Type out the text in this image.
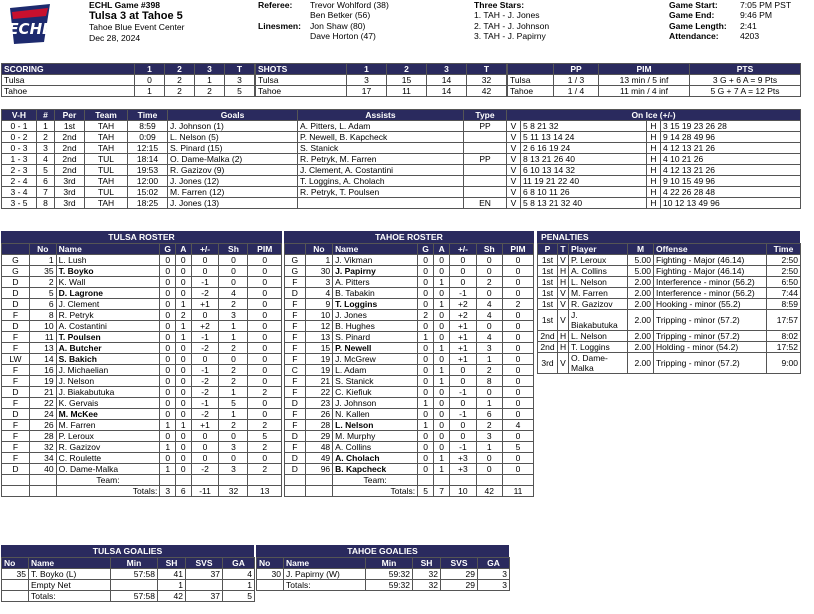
ECHL
ECHL Game #398
Tulsa 3 at Tahoe 5
Tahoe Blue Event Center
Dec 28, 2024
Referee:	Trevor Wohlford (38)
Ben Betker (56)
Linesmen:	Jon Shaw (80)
Dave Horton (47)
Three Stars:
1. TAH - J. Jones
2. TAH - J. Johnson
3. TAH - J. Papirny
Game Start:	7:05 PM PST
Game End:	9:46 PM
Game Length:	2:41
Attendance:	4203
SCORING	1	2	3	T
Tulsa	0	2	1	3
Tahoe	1	2	2	5
SHOTS	1	2	3	T
Tulsa	3	15	14	32
Tahoe	17	11	14	42
	PP	PIM	PTS
Tulsa	1 / 3	13 min / 5 inf	3 G + 6 A = 9 Pts
Tahoe	1 / 4	11 min / 4 inf	5 G + 7 A = 12 Pts
V-H	#	Per	Team	Time	Goals	Assists	Type	On Ice (+/-)			
0 - 1	1	1st	TAH	8:59	J. Johnson (1)	A. Pitters, L. Adam	PP	V	5 8 21 32	H	3 15 19 23 26 28
0 - 2	2	2nd	TAH	0:09	L. Nelson (5)	P. Newell, B. Kapcheck		V	5 11 13 14 24	H	9 14 28 49 96
0 - 3	3	2nd	TAH	12:15	S. Pinard (15)	S. Stanick		V	2 6 16 19 24	H	4 12 13 21 26
1 - 3	4	2nd	TUL	18:14	O. Dame-Malka (2)	R. Petryk, M. Farren	PP	V	8 13 21 26 40	H	4 10 21 26
2 - 3	5	2nd	TUL	19:53	R. Gazizov (9)	J. Clement, A. Costantini		V	6 10 13 14 32	H	4 12 13 21 26
2 - 4	6	3rd	TAH	12:00	J. Jones (12)	T. Loggins, A. Cholach		V	11 19 21 22 40	H	9 10 15 49 96
3 - 4	7	3rd	TUL	15:02	M. Farren (12)	R. Petryk, T. Poulsen		V	6 8 10 11 26	H	4 22 26 28 48
3 - 5	8	3rd	TAH	18:25	J. Jones (13)		EN	V	5 8 13 21 32 40	H	10 12 13 49 96
TULSA ROSTER
	No	Name	G	A	+/-	Sh	PIM
G	1	L. Lush	0	0	0	0	0
G	35	T. Boyko	0	0	0	0	0
D	2	K. Wall	0	0	-1	0	0
D	5	D. Lagrone	0	0	-2	4	0
D	6	J. Clement	0	1	+1	2	0
F	8	R. Petryk	0	2	0	3	0
D	10	A. Costantini	0	1	+2	1	0
F	11	T. Poulsen	0	1	-1	1	0
F	13	A. Butcher	0	0	-2	2	0
LW	14	S. Bakich	0	0	0	0	0
F	16	J. Michaelian	0	0	-1	2	0
F	19	J. Nelson	0	0	-2	2	0
D	21	J. Biakabutuka	0	0	-2	1	2
F	22	K. Gervais	0	0	-1	5	0
D	24	M. McKee	0	0	-2	1	0
F	26	M. Farren	1	1	+1	2	2
F	28	P. Leroux	0	0	0	0	5
F	32	R. Gazizov	1	0	0	3	2
F	34	C. Roulette	0	0	0	0	0
D	40	O. Dame-Malka	1	0	-2	3	2
		Team:					
		Totals:	3	6	-11	32	13
TAHOE ROSTER
	No	Name	G	A	+/-	Sh	PIM
G	1	J. Vikman	0	0	0	0	0
G	30	J. Papirny	0	0	0	0	0
F	3	A. Pitters	0	1	0	2	0
D	4	B. Tabakin	0	0	-1	0	0
F	9	T. Loggins	0	1	+2	4	2
F	10	J. Jones	2	0	+2	4	0
F	12	B. Hughes	0	0	+1	0	0
F	13	S. Pinard	1	0	+1	4	0
F	15	P. Newell	0	1	+1	3	0
F	19	J. McGrew	0	0	+1	1	0
C	19	L. Adam	0	1	0	2	0
F	21	S. Stanick	0	1	0	8	0
F	22	C. Kiefiuk	0	0	-1	0	0
D	23	J. Johnson	1	0	0	1	0
F	26	N. Kallen	0	0	-1	6	0
F	28	L. Nelson	1	0	0	2	4
D	29	M. Murphy	0	0	0	3	0
F	48	A. Collins	0	0	-1	1	5
D	49	A. Cholach	0	1	+3	0	0
D	96	B. Kapcheck	0	1	+3	0	0
		Team:					
		Totals:	5	7	10	42	11
PENALTIES
P	T	Player	M	Offense	Time
1st	V	P. Leroux	5.00	Fighting - Major (46.14)	2:50
1st	H	A. Collins	5.00	Fighting - Major (46.14)	2:50
1st	H	L. Nelson	2.00	Interference - minor (56.2)	6:50
1st	V	M. Farren	2.00	Interference - minor (56.2)	7:44
1st	V	R. Gazizov	2.00	Hooking - minor (55.2)	8:59
1st	V	J. Biakabutuka	2.00	Tripping - minor (57.2)	17:57
2nd	H	L. Nelson	2.00	Tripping - minor (57.2)	8:02
2nd	H	T. Loggins	2.00	Holding - minor (54.2)	17:52
3rd	V	O. Dame-Malka	2.00	Tripping - minor (57.2)	9:00
TULSA GOALIES
No	Name	Min	SH	SVS	GA
35	T. Boyko (L)	57:58	41	37	4
	Empty Net		1		1
	Totals:	57:58	42	37	5
TAHOE GOALIES
No	Name	Min	SH	SVS	GA
30	J. Papirny (W)	59:32	32	29	3
	Totals:	59:32	32	29	3
